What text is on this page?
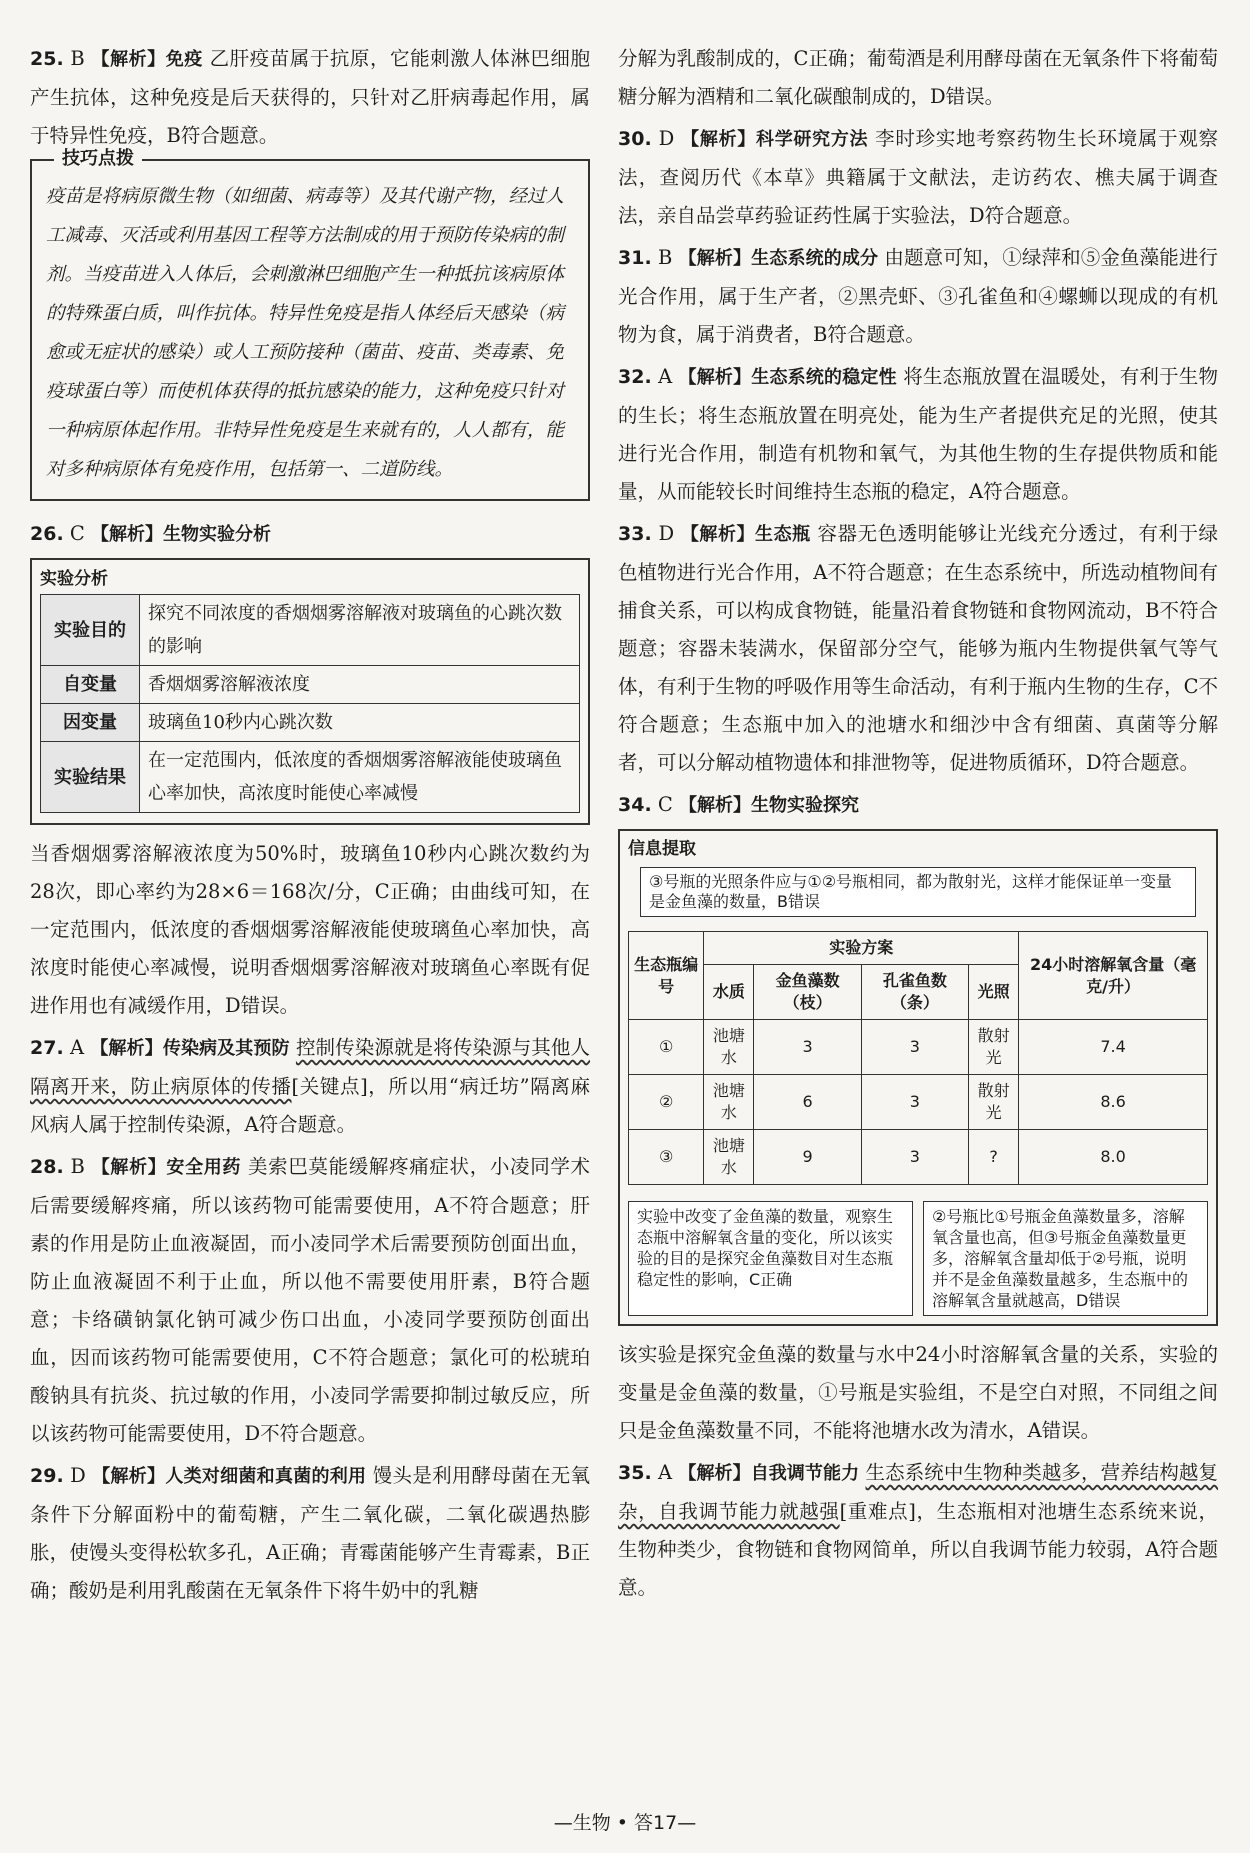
25. B 【解析】免疫 乙肝疫苗属于抗原，它能刺激人体淋巴细胞产生抗体，这种免疫是后天获得的，只针对乙肝病毒起作用，属于特异性免疫，B符合题意。

技巧点拨
疫苗是将病原微生物（如细菌、病毒等）及其代谢产物，经过人工减毒、灭活或利用基因工程等方法制成的用于预防传染病的制剂。当疫苗进入人体后，会刺激淋巴细胞产生一种抵抗该病原体的特殊蛋白质，叫作抗体。特异性免疫是指人体经后天感染（病愈或无症状的感染）或人工预防接种（菌苗、疫苗、类毒素、免疫球蛋白等）而使机体获得的抵抗感染的能力，这种免疫只针对一种病原体起作用。非特异性免疫是生来就有的，人人都有，能对多种病原体有免疫作用，包括第一、二道防线。

26. C 【解析】生物实验分析

实验分析
实验目的	探究不同浓度的香烟烟雾溶解液对玻璃鱼的心跳次数的影响
自变量	香烟烟雾溶解液浓度
因变量	玻璃鱼10秒内心跳次数
实验结果	在一定范围内，低浓度的香烟烟雾溶解液能使玻璃鱼心率加快，高浓度时能使心率减慢

当香烟烟雾溶解液浓度为50%时，玻璃鱼10秒内心跳次数约为28次，即心率约为28×6＝168次/分，C正确；由曲线可知，在一定范围内，低浓度的香烟烟雾溶解液能使玻璃鱼心率加快，高浓度时能使心率减慢，说明香烟烟雾溶解液对玻璃鱼心率既有促进作用也有减缓作用，D错误。

27. A 【解析】传染病及其预防 控制传染源就是将传染源与其他人隔离开来，防止病原体的传播[关键点]，所以用“病迁坊”隔离麻风病人属于控制传染源，A符合题意。

28. B 【解析】安全用药 美索巴莫能缓解疼痛症状，小凌同学术后需要缓解疼痛，所以该药物可能需要使用，A不符合题意；肝素的作用是防止血液凝固，而小凌同学术后需要预防创面出血，防止血液凝固不利于止血，所以他不需要使用肝素，B符合题意；卡络磺钠氯化钠可减少伤口出血，小凌同学要预防创面出血，因而该药物可能需要使用，C不符合题意；氯化可的松琥珀酸钠具有抗炎、抗过敏的作用，小凌同学需要抑制过敏反应，所以该药物可能需要使用，D不符合题意。

29. D 【解析】人类对细菌和真菌的利用 馒头是利用酵母菌在无氧条件下分解面粉中的葡萄糖，产生二氧化碳，二氧化碳遇热膨胀，使馒头变得松软多孔，A正确；青霉菌能够产生青霉素，B正确；酸奶是利用乳酸菌在无氧条件下将牛奶中的乳糖

分解为乳酸制成的，C正确；葡萄酒是利用酵母菌在无氧条件下将葡萄糖分解为酒精和二氧化碳酿制成的，D错误。

30. D 【解析】科学研究方法 李时珍实地考察药物生长环境属于观察法，查阅历代《本草》典籍属于文献法，走访药农、樵夫属于调查法，亲自品尝草药验证药性属于实验法，D符合题意。

31. B 【解析】生态系统的成分 由题意可知，①绿萍和⑤金鱼藻能进行光合作用，属于生产者，②黑壳虾、③孔雀鱼和④螺蛳以现成的有机物为食，属于消费者，B符合题意。

32. A 【解析】生态系统的稳定性 将生态瓶放置在温暖处，有利于生物的生长；将生态瓶放置在明亮处，能为生产者提供充足的光照，使其进行光合作用，制造有机物和氧气，为其他生物的生存提供物质和能量，从而能较长时间维持生态瓶的稳定，A符合题意。

33. D 【解析】生态瓶 容器无色透明能够让光线充分透过，有利于绿色植物进行光合作用，A不符合题意；在生态系统中，所选动植物间有捕食关系，可以构成食物链，能量沿着食物链和食物网流动，B不符合题意；容器未装满水，保留部分空气，能够为瓶内生物提供氧气等气体，有利于生物的呼吸作用等生命活动，有利于瓶内生物的生存，C不符合题意；生态瓶中加入的池塘水和细沙中含有细菌、真菌等分解者，可以分解动植物遗体和排泄物等，促进物质循环，D符合题意。

34. C 【解析】生物实验探究

信息提取
③号瓶的光照条件应与①②号瓶相同，都为散射光，这样才能保证单一变量是金鱼藻的数量，B错误
生态瓶编号	实验方案				24小时溶解氧含量（毫克/升）
	水质	金鱼藻数（枝）	孔雀鱼数（条）	光照	
①	池塘水	3	3	散射光	7.4
②	池塘水	6	3	散射光	8.6
③	池塘水	9	3	?	8.0
实验中改变了金鱼藻的数量，观察生态瓶中溶解氧含量的变化，所以该实验的目的是探究金鱼藻数目对生态瓶稳定性的影响，C正确
②号瓶比①号瓶金鱼藻数量多，溶解氧含量也高，但③号瓶金鱼藻数量更多，溶解氧含量却低于②号瓶，说明并不是金鱼藻数量越多，生态瓶中的溶解氧含量就越高，D错误

该实验是探究金鱼藻的数量与水中24小时溶解氧含量的关系，实验的变量是金鱼藻的数量，①号瓶是实验组，不是空白对照，不同组之间只是金鱼藻数量不同，不能将池塘水改为清水，A错误。

35. A 【解析】自我调节能力 生态系统中生物种类越多，营养结构越复杂，自我调节能力就越强[重难点]，生态瓶相对池塘生态系统来说，生物种类少，食物链和食物网简单，所以自我调节能力较弱，A符合题意。

—生物 • 答17—
